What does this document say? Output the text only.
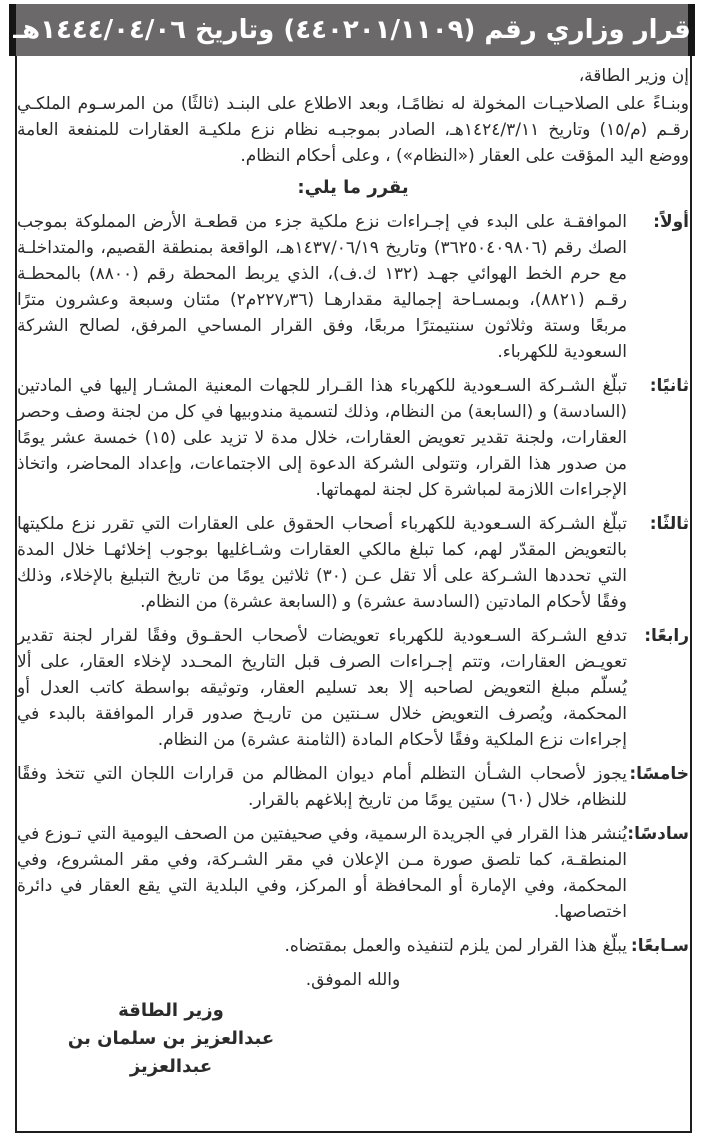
قرار وزاري رقم (٤٤٠٢٠١/١١٠٩) وتاريخ ١٤٤٤/٠٤/٠٦هـ

إن وزير الطاقة،

وبنـاءً على الصلاحيـات المخولة له نظامًـا، وبعد الاطلاع على البنـد (ثالثًا) من المرسـوم الملكـي رقـم (م/١٥) وتاريخ ١٤٢٤/٣/١١هـ، الصادر بموجبـه نظام نزع ملكيـة العقارات للمنفعة العامة ووضع اليد المؤقت على العقار («النظام») ، وعلى أحكام النظام.

يقرر ما يلي:

أولاً:
الموافقـة على البدء في إجـراءات نزع ملكية جزء من قطعـة الأرض المملوكة بموجب الصك رقم (٣٦٢٥٠٤٠٩٨٠٦) وتاريخ ١٤٣٧/٠٦/١٩هـ، الواقعة بمنطقة القصيم، والمتداخلـة مع حرم الخط الهوائي جهـد (١٣٢ ك.ف)، الذي يربط المحطة رقم (٨٨٠٠) بالمحطـة رقـم (٨٨٢١)، وبمسـاحة إجمالية مقدارهـا (٢٢٧٫٣٦م٢) مئتان وسبعة وعشرون مترًا مربعًا وستة وثلاثون سنتيمترًا مربعًا، وفق القرار المساحي المرفق، لصالح الشركة السعودية للكهرباء.
ثانيًا:
تبلّغ الشـركة السـعودية للكهرباء هذا القـرار للجهات المعنية المشـار إليها في المادتين (السادسة) و (السابعة) من النظام، وذلك لتسمية مندوبيها في كل من لجنة وصف وحصر العقارات، ولجنة تقدير تعويض العقارات، خلال مدة لا تزيد على (١٥) خمسة عشر يومًا من صدور هذا القرار، وتتولى الشركة الدعوة إلى الاجتماعات، وإعداد المحاضر، واتخاذ الإجراءات اللازمة لمباشرة كل لجنة لمهماتها.
ثالثًا:
تبلّغ الشـركة السـعودية للكهرباء أصحاب الحقوق على العقارات التي تقرر نزع ملكيتها بالتعويض المقدّر لهم، كما تبلغ مالكي العقارات وشـاغليها بوجوب إخلائهـا خلال المدة التي تحددها الشـركة على ألا تقل عـن (٣٠) ثلاثين يومًا من تاريخ التبليغ بالإخلاء، وذلك وفقًا لأحكام المادتين (السادسة عشرة) و (السابعة عشرة) من النظام.
رابعًا:
تدفع الشـركة السـعودية للكهرباء تعويضات لأصحاب الحقـوق وفقًا لقرار لجنة تقدير تعويـض العقارات، وتتم إجـراءات الصرف قبل التاريخ المحـدد لإخلاء العقار، على ألا يُسلّم مبلغ التعويض لصاحبه إلا بعد تسليم العقار، وتوثيقه بواسطة كاتب العدل أو المحكمة، ويُصرف التعويض خلال سـنتين من تاريـخ صدور قرار الموافقة بالبدء في إجراءات نزع الملكية وفقًا لأحكام المادة (الثامنة عشرة) من النظام.
خامسًا:
يجوز لأصحاب الشـأن التظلم أمام ديوان المظالم من قرارات اللجان التي تتخذ وفقًا للنظام، خلال (٦٠) ستين يومًا من تاريخ إبلاغهم بالقرار.
سادسًا:
يُنشر هذا القرار في الجريدة الرسمية، وفي صحيفتين من الصحف اليومية التي تـوزع في المنطقـة، كما تلصق صورة مـن الإعلان في مقر الشـركة، وفي مقر المشروع، وفي المحكمة، وفي الإمارة أو المحافظة أو المركز، وفي البلدية التي يقع العقار في دائرة اختصاصها.
سـابعًا:
يبلّغ هذا القرار لمن يلزم لتنفيذه والعمل بمقتضاه.

والله الموفق.

وزير الطاقة

عبدالعزيز بن سلمان بن عبدالعزيز
